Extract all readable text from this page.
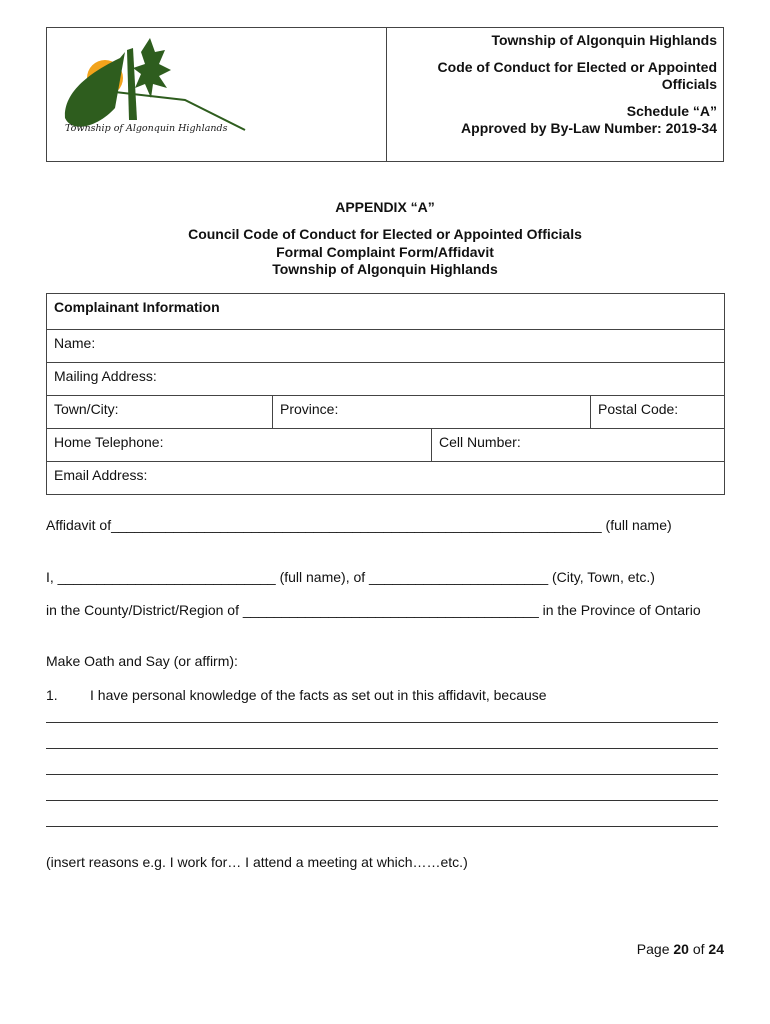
Township of Algonquin Highlands

Township of Algonquin Highlands

Code of Conduct for Elected or Appointed Officials

Schedule “A”

Approved by By-Law Number: 2019-34

APPENDIX “A”
Council Code of Conduct for Elected or Appointed Officials
Formal Complaint Form/Affidavit
Township of Algonquin Highlands
Complainant Information			
Name:			
Mailing Address:			
Town/City:	Province:		Postal Code:
Home Telephone:		Cell Number:	
Email Address:			
Affidavit of_______________________________________________________________ (full name)
I, ____________________________ (full name), of _______________________ (City, Town, etc.)
in the County/District/Region of ______________________________________ in the Province of Ontario
Make Oath and Say (or affirm):
1. I have personal knowledge of the facts as set out in this affidavit, because
(insert reasons e.g. I work for… I attend a meeting at which……etc.)
Page 20 of 24
